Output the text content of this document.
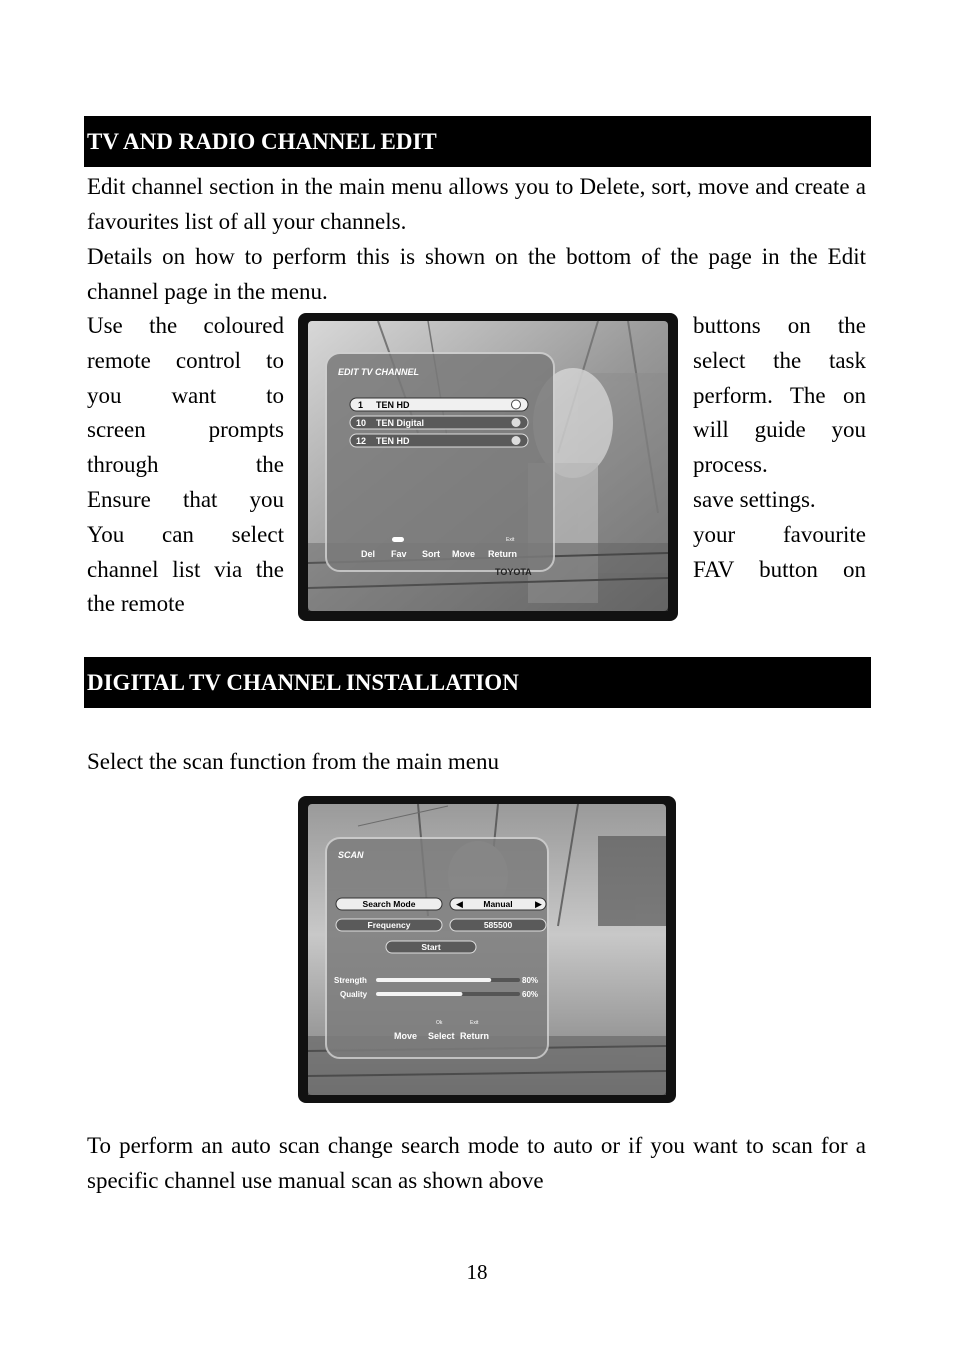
TV AND RADIO CHANNEL EDIT
Edit channel section in the main menu allows you to Delete, sort, move and create a favourites list of all your channels.
Details on how to perform this is shown on the bottom of the page in the Edit channel page in the menu.
Use the coloured
remote control to
you want to
screen prompts
through the
Ensure that you
You can select
channel list via the
the remote
buttons on the
select the task
perform. The on
will guide you
process.
save settings.
your favourite
FAV button on
EDIT TV CHANNEL
1 TEN HD
10 TEN Digital
12 TEN HD
Exit
Del Fav Sort Move Return
TOYOTA
DIGITAL TV CHANNEL INSTALLATION
Select the scan function from the main menu
SCAN
Search Mode	◀ Manual ▶
Frequency	585500
Start
Strength	80%
Quality	60%
Ok	Exit
Move Select Return
To perform an auto scan change search mode to auto or if you want to scan for a specific channel use manual scan as shown above
18
